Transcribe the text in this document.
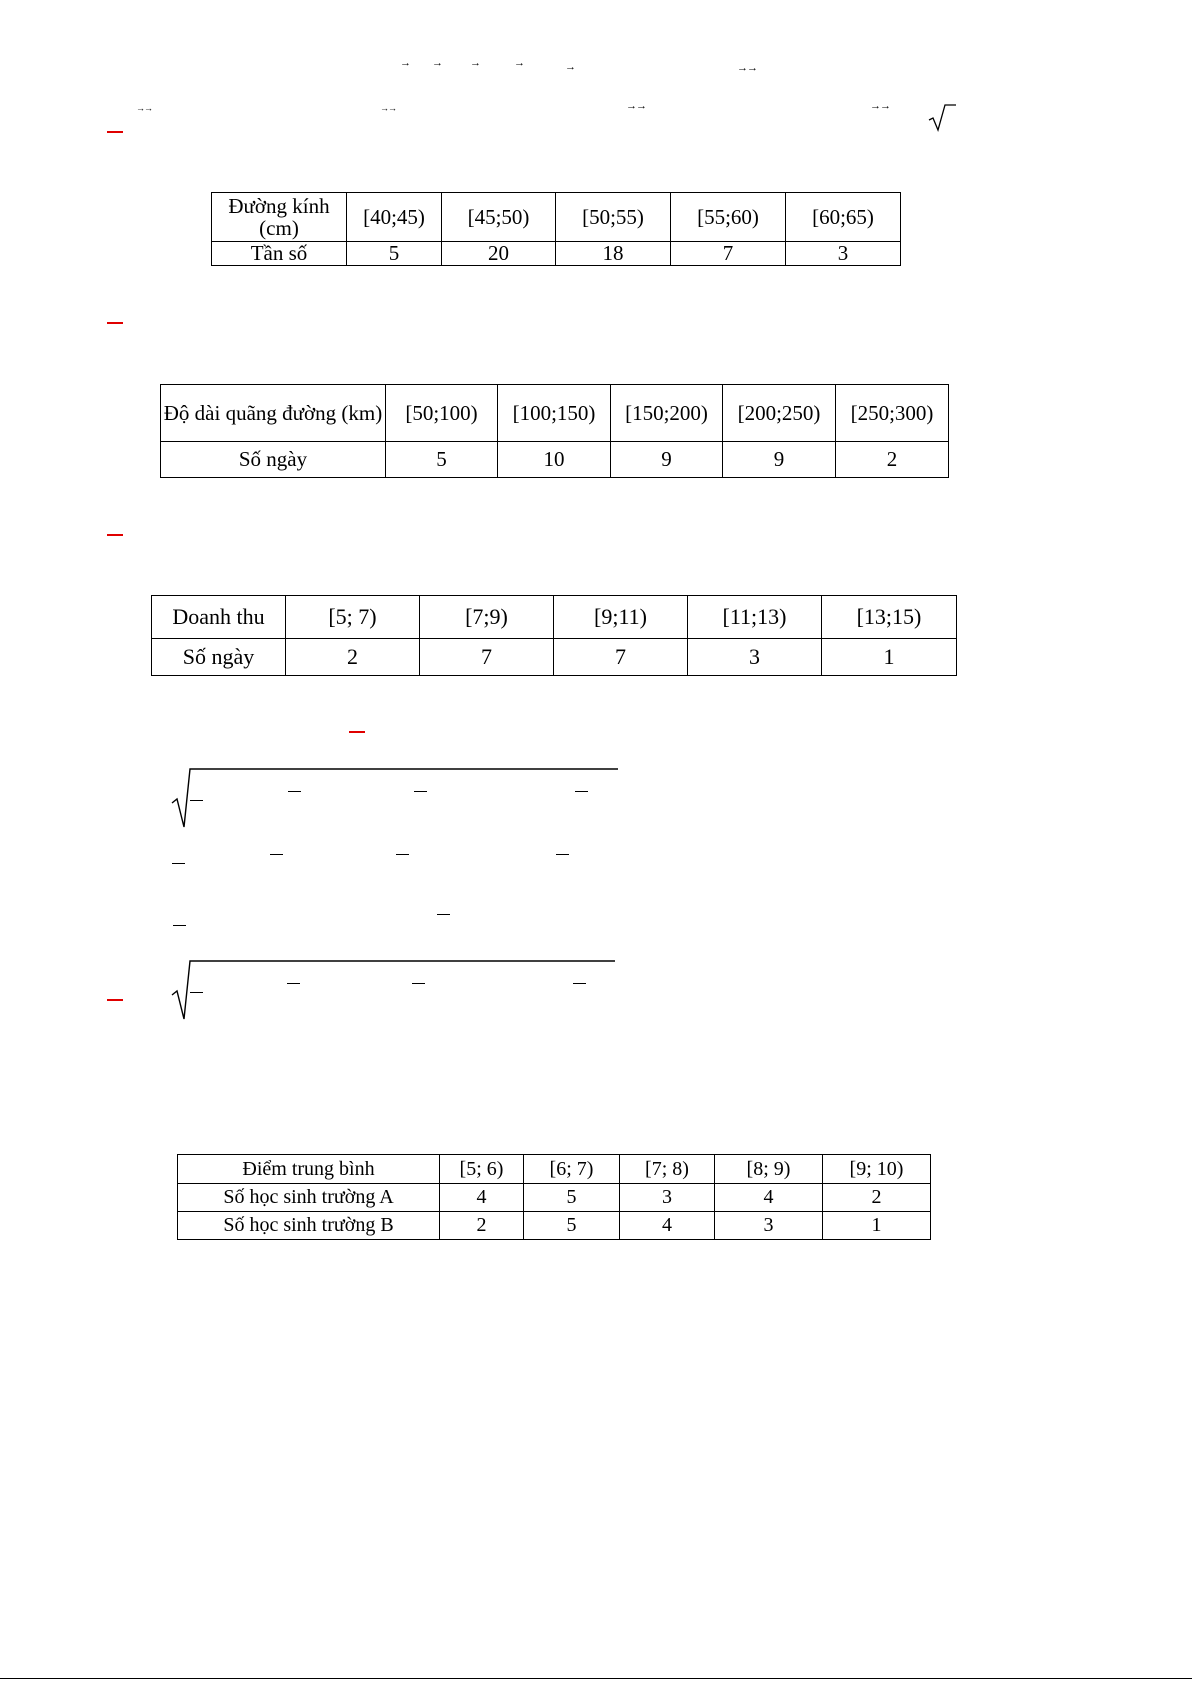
→ →	→	→	→	→→
→→	→→	→→	→→
Đường kính (cm)	[40;45)	[45;50)	[50;55)	[55;60)	[60;65)
Tần số	5	20	18	7	3
Độ dài quãng đường (km)	[50;100)	[100;150)	[150;200)	[200;250)	[250;300)
Số ngày	5	10	9	9	2
Doanh thu	[5; 7)	[7;9)	[9;11)	[11;13)	[13;15)
Số ngày	2	7	7	3	1
Điểm trung bình	[5; 6)	[6; 7)	[7; 8)	[8; 9)	[9; 10)
Số học sinh trường A	4	5	3	4	2
Số học sinh trường B	2	5	4	3	1
